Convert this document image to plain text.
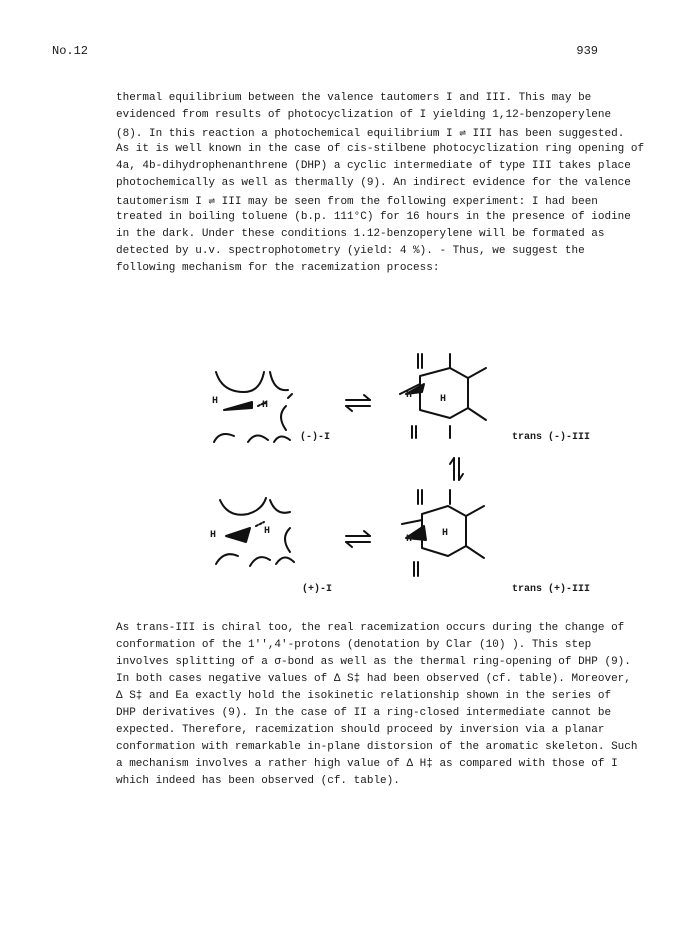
No.12	939
thermal equilibrium between the valence tautomers I and III. This may be
evidenced from results of photocyclization of I yielding 1,12-benzoperylene
(8). In this reaction a photochemical equilibrium I ⇌ III has been suggested.
As it is well known in the case of cis-stilbene photocyclization ring opening of
4a, 4b-dihydrophenanthrene (DHP) a cyclic intermediate of type III takes place
photochemically as well as thermally (9). An indirect evidence for the valence
tautomerism I ⇌ III may be seen from the following experiment: I had been
treated in boiling toluene (b.p. 111°C) for 16 hours in the presence of iodine
in the dark. Under these conditions 1.12-benzoperylene will be formated as
detected by u.v. spectrophotometry (yield: 4 %). - Thus, we suggest the
following mechanism for the racemization process:
H	H
H	H
H	H
H
H
(-)-I	trans (-)-III
(+)-I	trans (+)-III
As trans-III is chiral too, the real racemization occurs during the change of
conformation of the 1'',4'-protons (denotation by Clar (10) ). This step
involves splitting of a σ-bond as well as the thermal ring-opening of DHP (9).
In both cases negative values of Δ S‡ had been observed (cf. table). Moreover,
Δ S‡ and Ea exactly hold the isokinetic relationship shown in the series of
DHP derivatives (9). In the case of II a ring-closed intermediate cannot be
expected. Therefore, racemization should proceed by inversion via a planar
conformation with remarkable in-plane distorsion of the aromatic skeleton. Such
a mechanism involves a rather high value of Δ H‡ as compared with those of I
which indeed has been observed (cf. table).
